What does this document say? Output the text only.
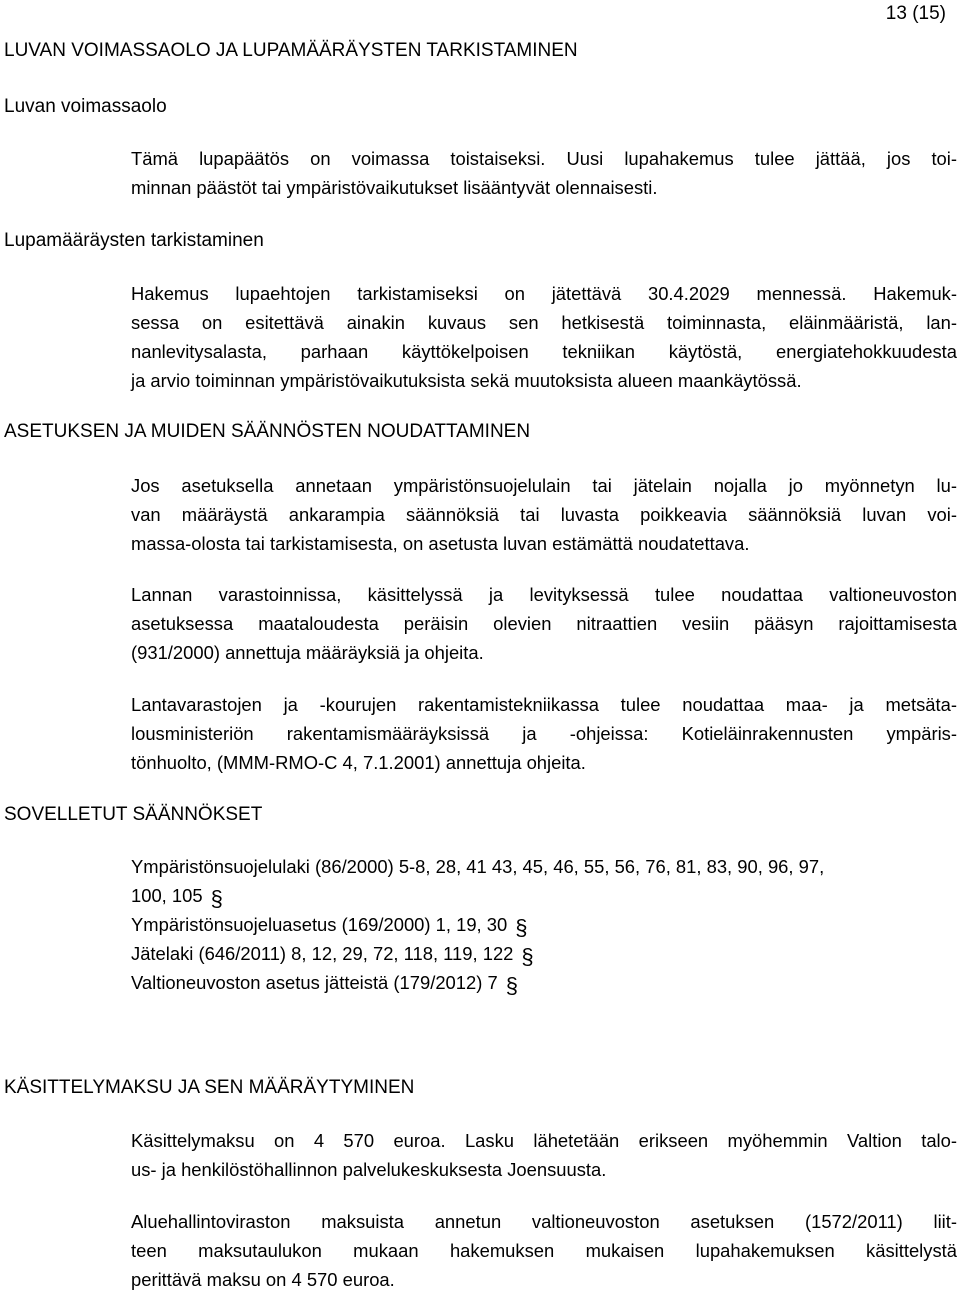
13 (15)
LUVAN VOIMASSAOLO JA LUPAMÄÄRÄYSTEN TARKISTAMINEN
Luvan voimassaolo
Tämä lupapäätös on voimassa toistaiseksi. Uusi lupahakemus tulee jättää, jos toi-
minnan päästöt tai ympäristövaikutukset lisääntyvät olennaisesti.
Lupamääräysten tarkistaminen
Hakemus lupaehtojen tarkistamiseksi on jätettävä 30.4.2029 mennessä. Hakemuk-
sessa on esitettävä ainakin kuvaus sen hetkisestä toiminnasta, eläinmääristä, lan-
nanlevitysalasta, parhaan käyttökelpoisen tekniikan käytöstä, energiatehokkuudesta
ja arvio toiminnan ympäristövaikutuksista sekä muutoksista alueen maankäytössä.
ASETUKSEN JA MUIDEN SÄÄNNÖSTEN NOUDATTAMINEN
Jos asetuksella annetaan ympäristönsuojelulain tai jätelain nojalla jo myönnetyn lu-
van määräystä ankarampia säännöksiä tai luvasta poikkeavia säännöksiä luvan voi-
massa-olosta tai tarkistamisesta, on asetusta luvan estämättä noudatettava.
Lannan varastoinnissa, käsittelyssä ja levityksessä tulee noudattaa valtioneuvoston
asetuksessa maataloudesta peräisin olevien nitraattien vesiin pääsyn rajoittamisesta
(931/2000) annettuja määräyksiä ja ohjeita.
Lantavarastojen ja -kourujen rakentamistekniikassa tulee noudattaa maa- ja metsäta-
lousministeriön rakentamismääräyksissä ja -ohjeissa: Kotieläinrakennusten ympäris-
tönhuolto, (MMM-RMO-C 4, 7.1.2001) annettuja ohjeita.
SOVELLETUT SÄÄNNÖKSET
Ympäristönsuojelulaki (86/2000) 5-8, 28, 41 43, 45, 46, 55, 56, 76, 81, 83, 90, 96, 97,
100, 105 §
Ympäristönsuojeluasetus (169/2000) 1, 19, 30 §
Jätelaki (646/2011) 8, 12, 29, 72, 118, 119, 122 §
Valtioneuvoston asetus jätteistä (179/2012) 7 §
KÄSITTELYMAKSU JA SEN MÄÄRÄYTYMINEN
Käsittelymaksu on 4 570 euroa. Lasku lähetetään erikseen myöhemmin Valtion talo-
us- ja henkilöstöhallinnon palvelukeskuksesta Joensuusta.
Aluehallintoviraston maksuista annetun valtioneuvoston asetuksen (1572/2011) liit-
teen maksutaulukon mukaan hakemuksen mukaisen lupahakemuksen käsittelystä
perittävä maksu on 4 570 euroa.
